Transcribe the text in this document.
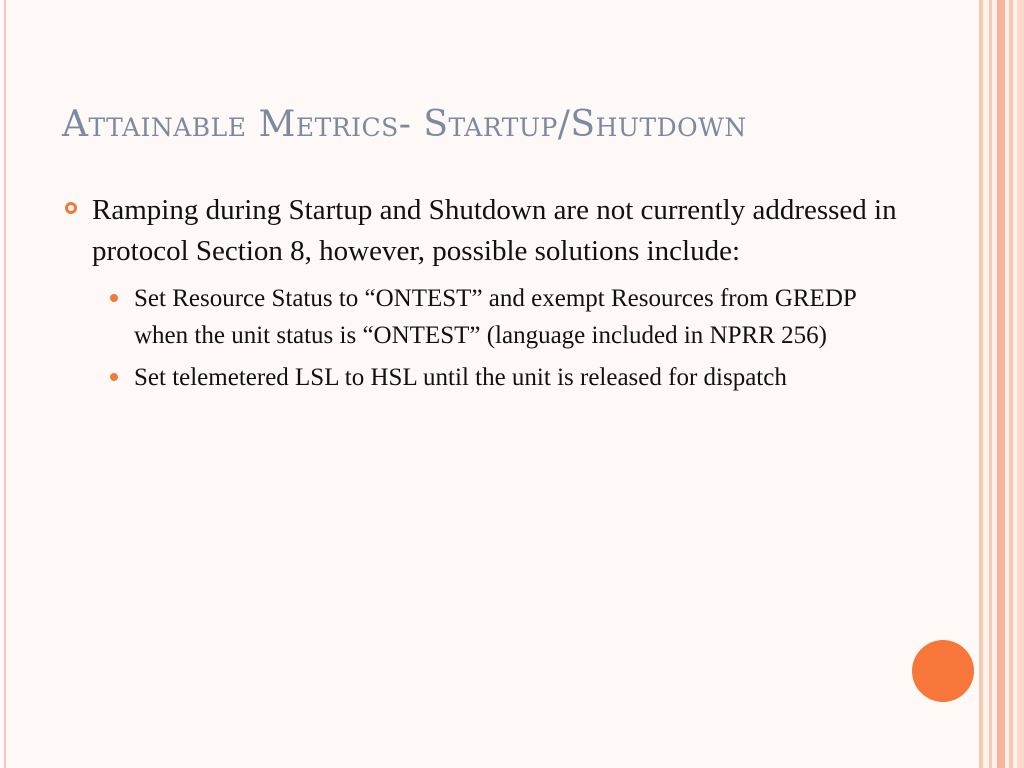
Attainable Metrics- Startup/Shutdown
Ramping during Startup and Shutdown are not currently addressed in protocol Section 8, however, possible solutions include:
Set Resource Status to “ONTEST” and exempt Resources from GREDP when the unit status is “ONTEST” (language included in NPRR 256)
Set telemetered LSL to HSL until the unit is released for dispatch
